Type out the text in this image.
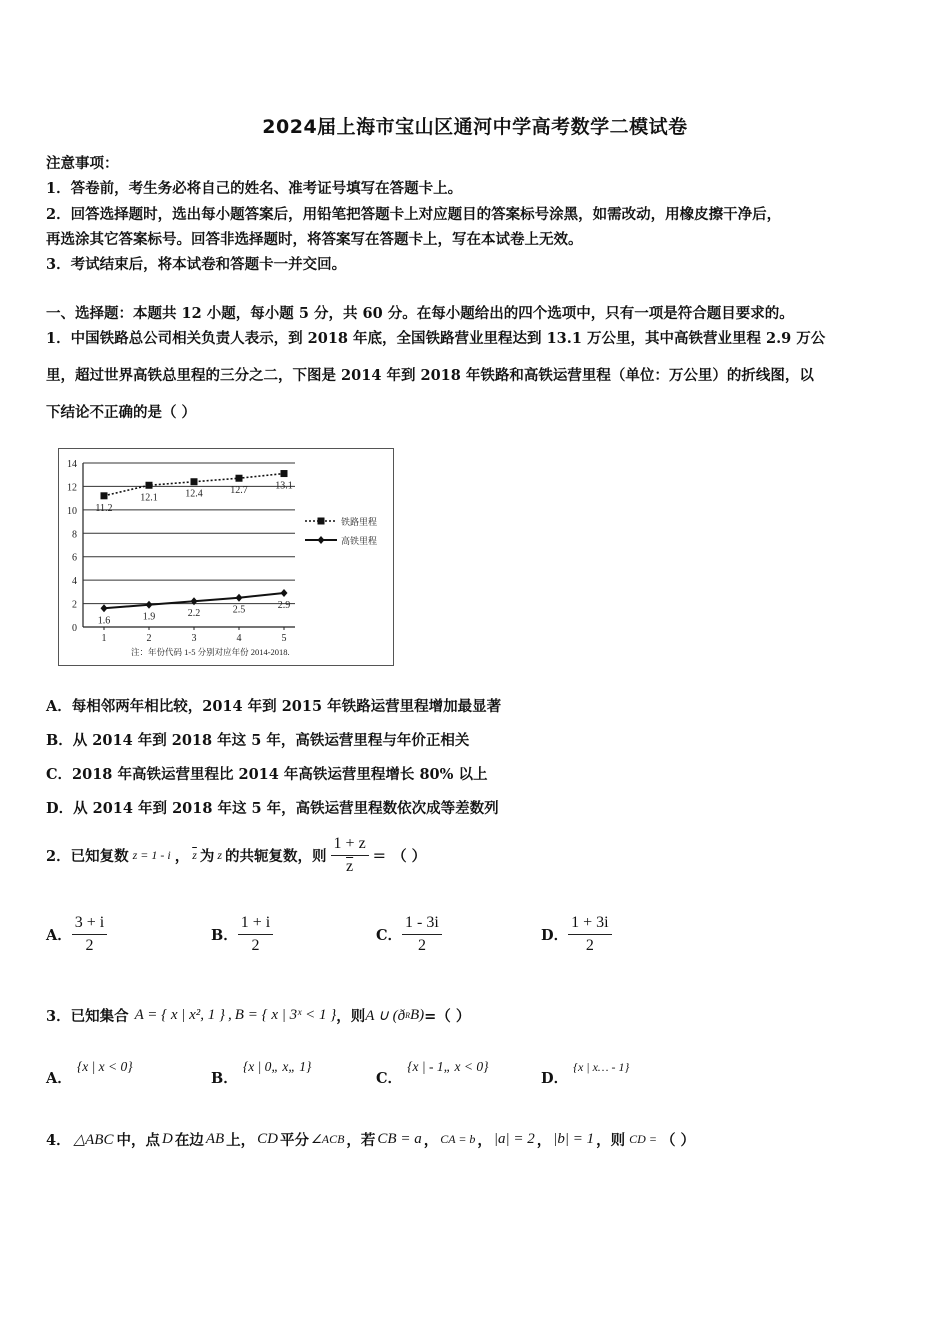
2024届上海市宝山区通河中学高考数学二模试卷
注意事项：
1．答卷前，考生务必将自己的姓名、准考证号填写在答题卡上。
2．回答选择题时，选出每小题答案后，用铅笔把答题卡上对应题目的答案标号涂黑，如需改动，用橡皮擦干净后，
再选涂其它答案标号。回答非选择题时，将答案写在答题卡上，写在本试卷上无效。
3．考试结束后，将本试卷和答题卡一并交回。
一、选择题：本题共 12 小题，每小题 5 分，共 60 分。在每小题给出的四个选项中，只有一项是符合题目要求的。
1．中国铁路总公司相关负责人表示，到 2018 年底，全国铁路营业里程达到 13.1 万公里，其中高铁营业里程 2.9 万公
里，超过世界高铁总里程的三分之二，下图是 2014 年到 2018 年铁路和高铁运营里程（单位：万公里）的折线图，以
下结论不正确的是（ ）
0
2
4
6
8
10
12
14
1	2	3	4	5
11.2
12.1	12.4	12.7	13.1
1.6	1.9	2.2	2.5	2.9
铁路里程
高铁里程
注：年份代码 1-5 分别对应年份 2014-2018.
A．每相邻两年相比较，2014 年到 2015 年铁路运营里程增加最显著
B．从 2014 年到 2018 年这 5 年，高铁运营里程与年价正相关
C．2018 年高铁运营里程比 2014 年高铁运营里程增长 80% 以上
D．从 2014 年到 2018 年这 5 年，高铁运营里程数依次成等差数列
2．已知复数 z = 1 - i ， $\overline{z}$ 为 z 的共轭复数，则 $\frac{1 + z}{z}$ = （ ）
A． $\frac{3 + i}{2}$	B． $\frac{1 + i}{2}$	C． $\frac{1 - 3i}{2}$	D． $\frac{1 + 3i}{2}$
3．已知集合 A = { x | x², 1 } , B = { x | 3ˣ < 1 } ，则 A ∪ (ð R B) =（ ）
A． {x | x < 0}
B． {x | 0„ x„ 1}
C． {x | - 1„ x < 0}
D． {x | x… - 1}
4． △ABC 中，点 D 在边 AB 上， CD 平分 ∠ACB ，若 CB = a ， CA = b ， |a| = 2 ， |b| = 1 ，则 CD = （ ）
